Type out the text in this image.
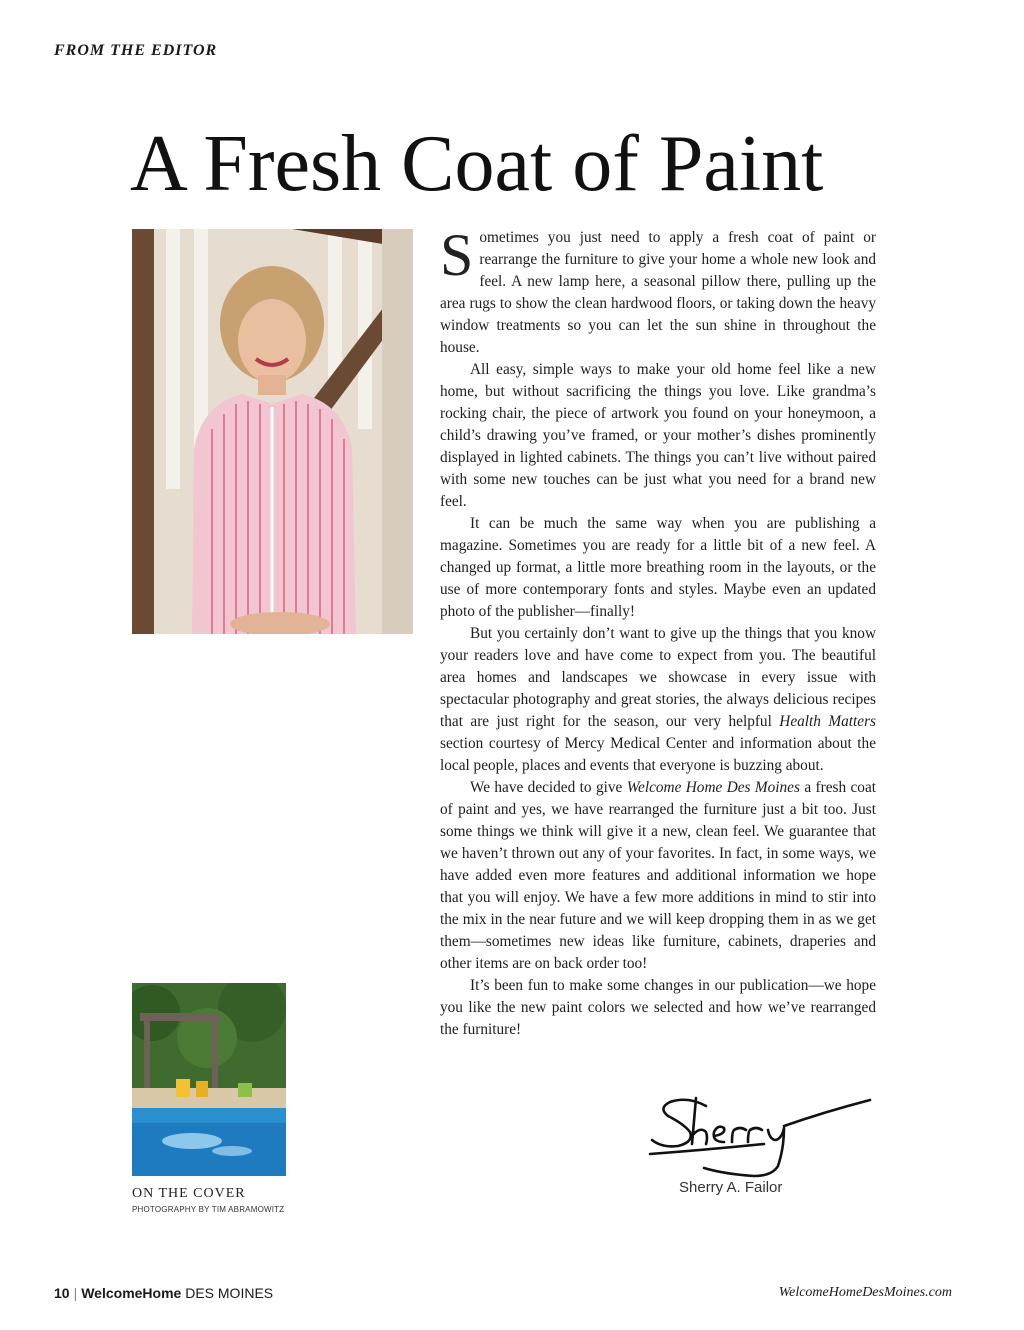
FROM THE EDITOR
A Fresh Coat of Paint
ON THE COVER
PHOTOGRAPHY BY TIM ABRAMOWITZ

Sometimes you just need to apply a fresh coat of paint or rearrange the furniture to give your home a whole new look and feel. A new lamp here, a seasonal pillow there, pulling up the area rugs to show the clean hardwood floors, or taking down the heavy window treatments so you can let the sun shine in throughout the house.

All easy, simple ways to make your old home feel like a new home, but without sacrificing the things you love. Like grandma’s rocking chair, the piece of artwork you found on your honeymoon, a child’s drawing you’ve framed, or your mother’s dishes prominently displayed in lighted cabinets. The things you can’t live without paired with some new touches can be just what you need for a brand new feel.

It can be much the same way when you are publishing a magazine. Sometimes you are ready for a little bit of a new feel. A changed up format, a little more breathing room in the layouts, or the use of more contemporary fonts and styles. Maybe even an updated photo of the publisher—finally!

But you certainly don’t want to give up the things that you know your readers love and have come to expect from you. The beautiful area homes and landscapes we showcase in every issue with spectacular photography and great stories, the always delicious recipes that are just right for the season, our very helpful Health Matters section courtesy of Mercy Medical Center and information about the local people, places and events that everyone is buzzing about.

We have decided to give Welcome Home Des Moines a fresh coat of paint and yes, we have rearranged the furniture just a bit too. Just some things we think will give it a new, clean feel. We guarantee that we haven’t thrown out any of your favorites. In fact, in some ways, we have added even more features and additional information we hope that you will enjoy. We have a few more additions in mind to stir into the mix in the near future and we will keep dropping them in as we get them—sometimes new ideas like furniture, cabinets, draperies and other items are on back order too!

It’s been fun to make some changes in our publication—we hope you like the new paint colors we selected and how we’ve rearranged the furniture!

Sherry A. Failor
10 | WelcomeHome DES MOINES	WelcomeHomeDesMoines.com
